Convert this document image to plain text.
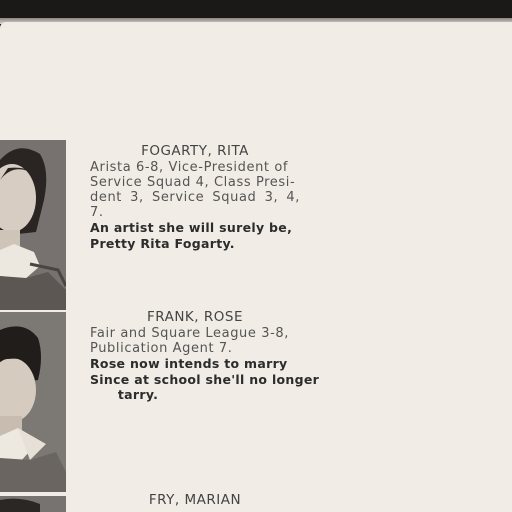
FOGARTY, RITA
Arista 6-8, Vice-President of
Service Squad 4, Class Presi-
dent 3, Service Squad 3, 4, 7.
An artist she will surely be,
Pretty Rita Fogarty.
FRANK, ROSE
Fair and Square League 3-8,
Publication Agent 7.
Rose now intends to marry
Since at school she'll no longer
tarry.
FRY, MARIAN
